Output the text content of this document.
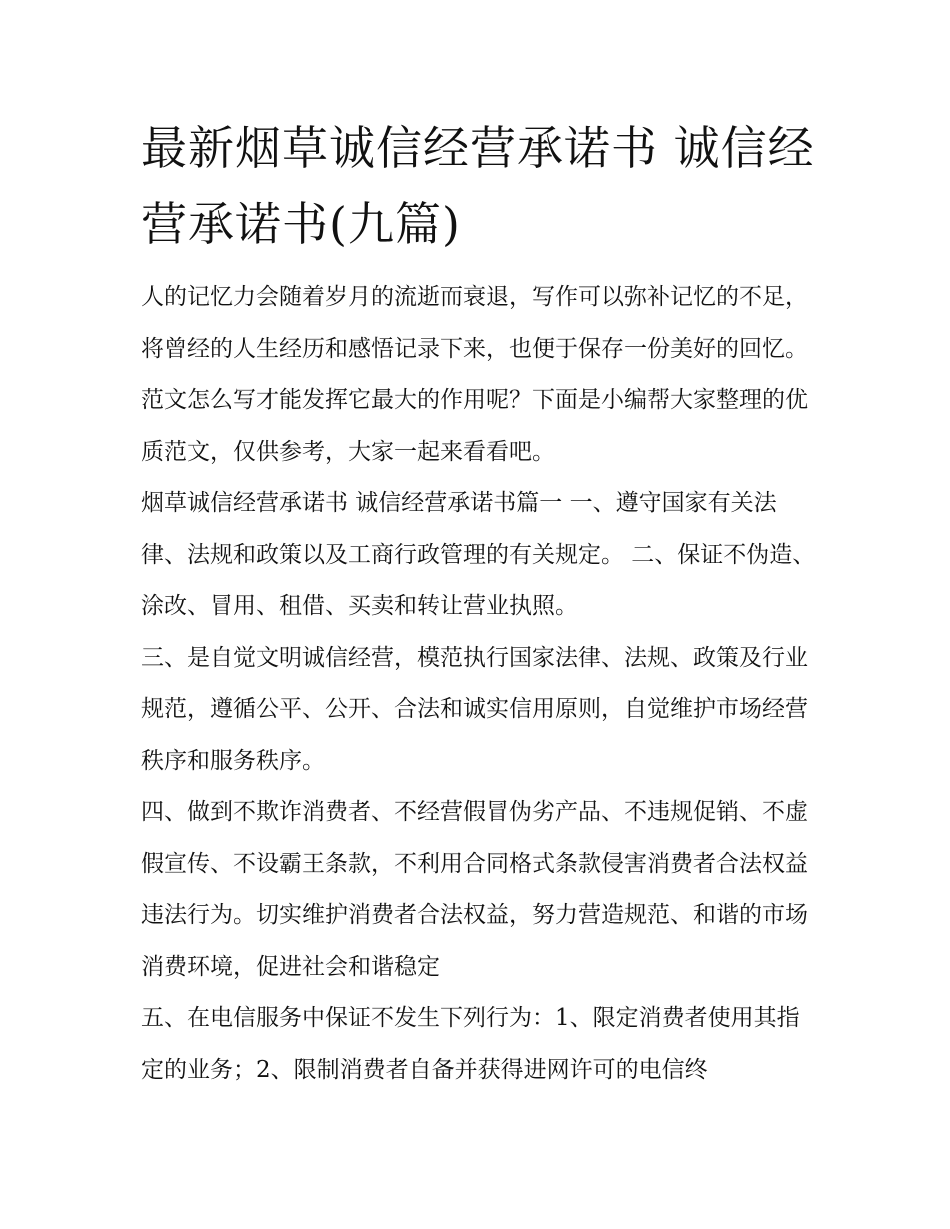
最新烟草诚信经营承诺书 诚信经营承诺书(九篇)

人的记忆力会随着岁月的流逝而衰退，写作可以弥补记忆的不足，将曾经的人生经历和感悟记录下来，也便于保存一份美好的回忆。范文怎么写才能发挥它最大的作用呢？下面是小编帮大家整理的优质范文，仅供参考，大家一起来看看吧。

烟草诚信经营承诺书 诚信经营承诺书篇一 一、遵守国家有关法律、法规和政策以及工商行政管理的有关规定。 二、保证不伪造、涂改、冒用、租借、买卖和转让营业执照。

三、是自觉文明诚信经营，模范执行国家法律、法规、政策及行业规范，遵循公平、公开、合法和诚实信用原则，自觉维护市场经营秩序和服务秩序。

四、做到不欺诈消费者、不经营假冒伪劣产品、不违规促销、不虚假宣传、不设霸王条款，不利用合同格式条款侵害消费者合法权益违法行为。切实维护消费者合法权益，努力营造规范、和谐的市场消费环境，促进社会和谐稳定

五、在电信服务中保证不发生下列行为：1、限定消费者使用其指定的业务；2、限制消费者自备并获得进网许可的电信终
